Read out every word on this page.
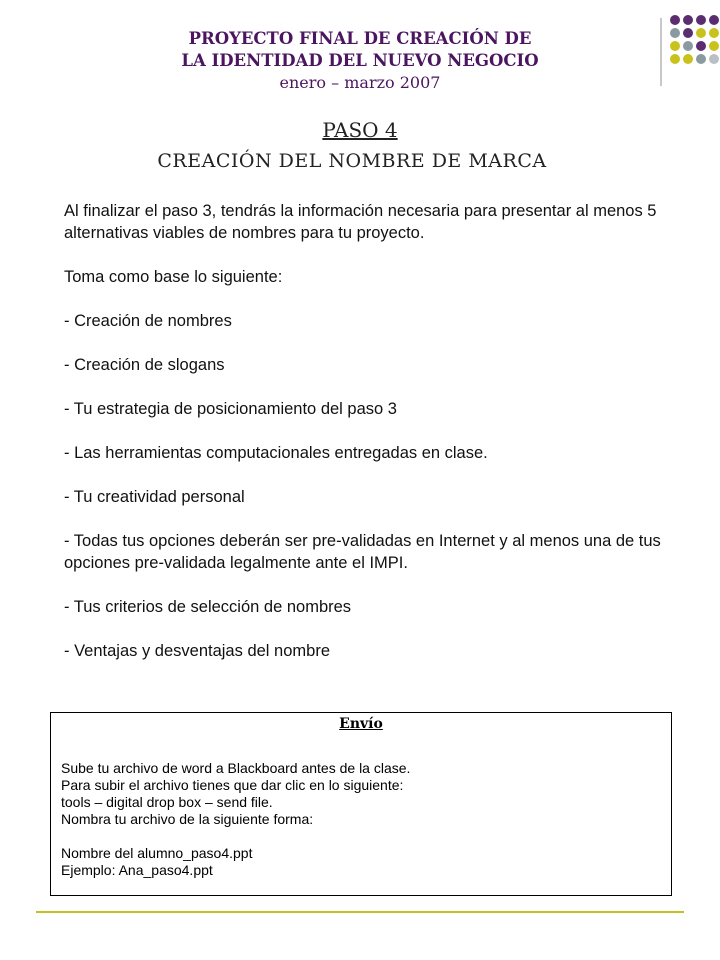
PROYECTO FINAL DE CREACIÓN DE
LA IDENTIDAD DEL NUEVO NEGOCIO
enero – marzo 2007
PASO 4
CREACIÓN DEL NOMBRE DE MARCA

Al finalizar el paso 3, tendrás la información necesaria para presentar al menos 5 alternativas viables de nombres para tu proyecto.

Toma como base lo siguiente:

- Creación de nombres

- Creación de slogans

- Tu estrategia de posicionamiento del paso 3

- Las herramientas computacionales entregadas en clase.

- Tu creatividad personal

- Todas tus opciones deberán ser pre-validadas en Internet y al menos una de tus opciones pre-validada legalmente ante el IMPI.

- Tus criterios de selección de nombres

- Ventajas y desventajas del nombre

Envío
Sube tu archivo de word a Blackboard antes de la clase.
Para subir el archivo tienes que dar clic en lo siguiente:
tools – digital drop box – send file.
Nombra tu archivo de la siguiente forma:
Nombre del alumno_paso4.ppt
Ejemplo: Ana_paso4.ppt
